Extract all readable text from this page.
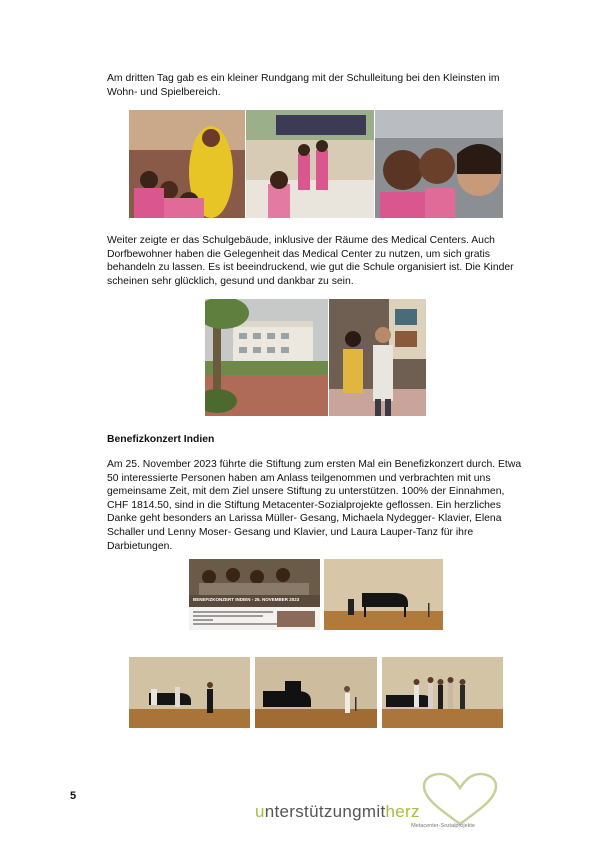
Am dritten Tag gab es ein kleiner Rundgang mit der Schulleitung bei den Kleinsten im Wohn- und Spielbereich.

Weiter zeigte er das Schulgebäude, inklusive der Räume des Medical Centers. Auch Dorfbewohner haben die Gelegenheit das Medical Center zu nutzen, um sich gratis behandeln zu lassen. Es ist beeindruckend, wie gut die Schule organisiert ist. Die Kinder scheinen sehr glücklich, gesund und dankbar zu sein.

Benefizkonzert Indien

Am 25. November 2023 führte die Stiftung zum ersten Mal ein Benefizkonzert durch. Etwa 50 interessierte Personen haben am Anlass teilgenommen und verbrachten mit uns gemeinsame Zeit, mit dem Ziel unsere Stiftung zu unterstützen. 100% der Einnahmen, CHF 1814.50, sind in die Stiftung Metacenter-Sozialprojekte geflossen. Ein herzliches Danke geht besonders an Larissa Müller- Gesang, Michaela Nydegger- Klavier, Elena Schaller und Lenny Moser- Gesang und Klavier, und Laura Lauper-Tanz für ihre Darbietungen.

BENEFIZKONZERT INDIEN - 25. NOVEMBER 2023
5
unterstützungmitherz
Metacenter-Sozialprojekte
